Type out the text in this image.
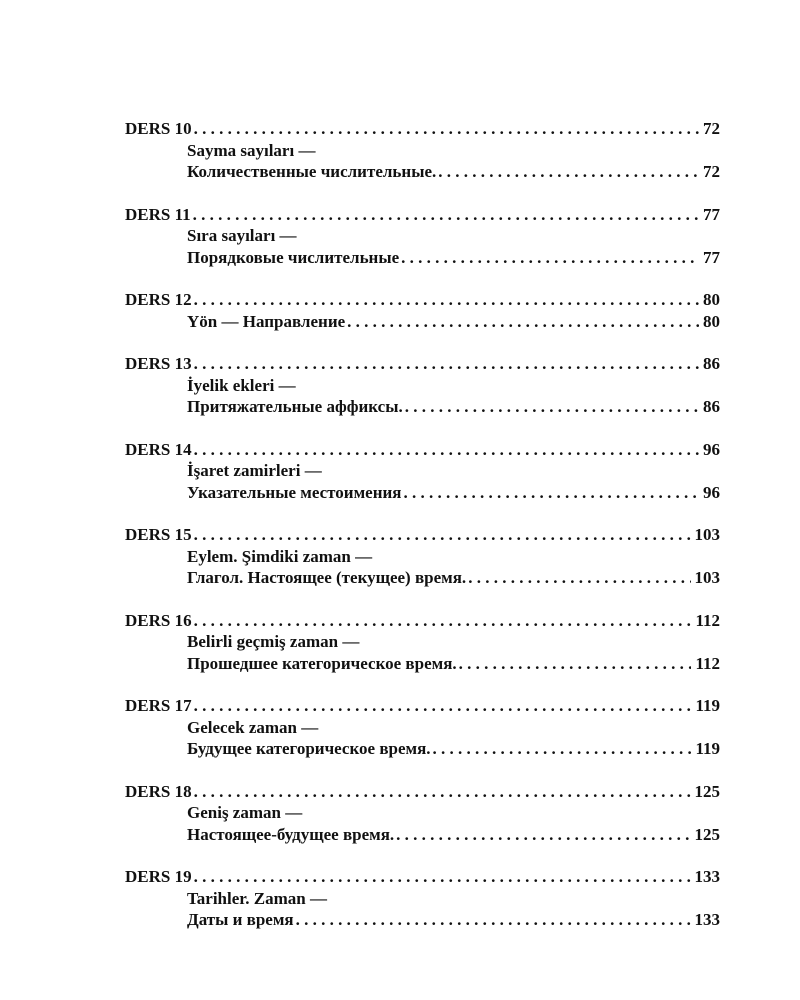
DERS 10 . . .	72
Sayma sayıları —
Количественные числительные. . . .	72
DERS 11 . . .	77
Sıra sayıları —
Порядковые числительные . . .	77
DERS 12 . . .	80
Yön — Направление . . .	80
DERS 13 . . .	86
İyelik ekleri —
Притяжательные аффиксы. . . .	86
DERS 14 . . .	96
İşaret zamirleri —
Указательные местоимения . . .	96
DERS 15 . . .	103
Eylem. Şimdiki zaman —
Глагол. Настоящее (текущее) время. . . .	103
DERS 16 . . .	112
Belirli geçmiş zaman —
Прошедшее категорическое время. . . .	112
DERS 17 . . .	119
Gelecek zaman —
Будущее категорическое время. . . .	119
DERS 18 . . .	125
Geniş zaman —
Настоящее-будущее время. . . .	125
DERS 19 . . .	133
Tarihler. Zaman —
Даты и время . . .	133
